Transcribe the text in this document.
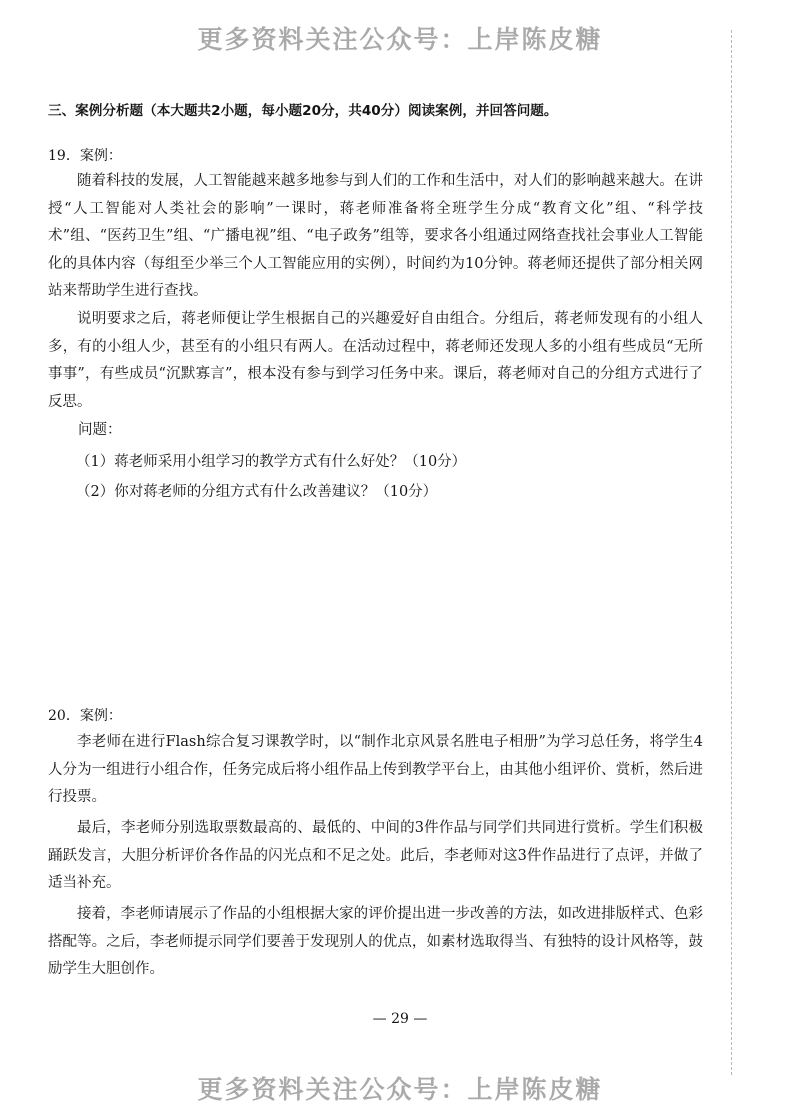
更多资料关注公众号：上岸陈皮糖
三、案例分析题（本大题共2小题，每小题20分，共40分）阅读案例，并回答问题。
19．案例：

随着科技的发展，人工智能越来越多地参与到人们的工作和生活中，对人们的影响越来越大。在讲授“人工智能对人类社会的影响”一课时，蒋老师准备将全班学生分成“教育文化”组、“科学技术”组、“医药卫生”组、“广播电视”组、“电子政务”组等，要求各小组通过网络查找社会事业人工智能化的具体内容（每组至少举三个人工智能应用的实例），时间约为10分钟。蒋老师还提供了部分相关网站来帮助学生进行查找。

说明要求之后，蒋老师便让学生根据自己的兴趣爱好自由组合。分组后，蒋老师发现有的小组人多，有的小组人少，甚至有的小组只有两人。在活动过程中，蒋老师还发现人多的小组有些成员“无所事事”，有些成员“沉默寡言”，根本没有参与到学习任务中来。课后，蒋老师对自己的分组方式进行了反思。

问题：
（1）蒋老师采用小组学习的教学方式有什么好处？（10分）
（2）你对蒋老师的分组方式有什么改善建议？（10分）
20．案例：

李老师在进行Flash综合复习课教学时，以“制作北京风景名胜电子相册”为学习总任务，将学生4人分为一组进行小组合作，任务完成后将小组作品上传到教学平台上，由其他小组评价、赏析，然后进行投票。

最后，李老师分别选取票数最高的、最低的、中间的3件作品与同学们共同进行赏析。学生们积极踊跃发言，大胆分析评价各作品的闪光点和不足之处。此后，李老师对这3件作品进行了点评，并做了适当补充。

接着，李老师请展示了作品的小组根据大家的评价提出进一步改善的方法，如改进排版样式、色彩搭配等。之后，李老师提示同学们要善于发现别人的优点，如素材选取得当、有独特的设计风格等，鼓励学生大胆创作。

— 29 —
更多资料关注公众号：上岸陈皮糖
